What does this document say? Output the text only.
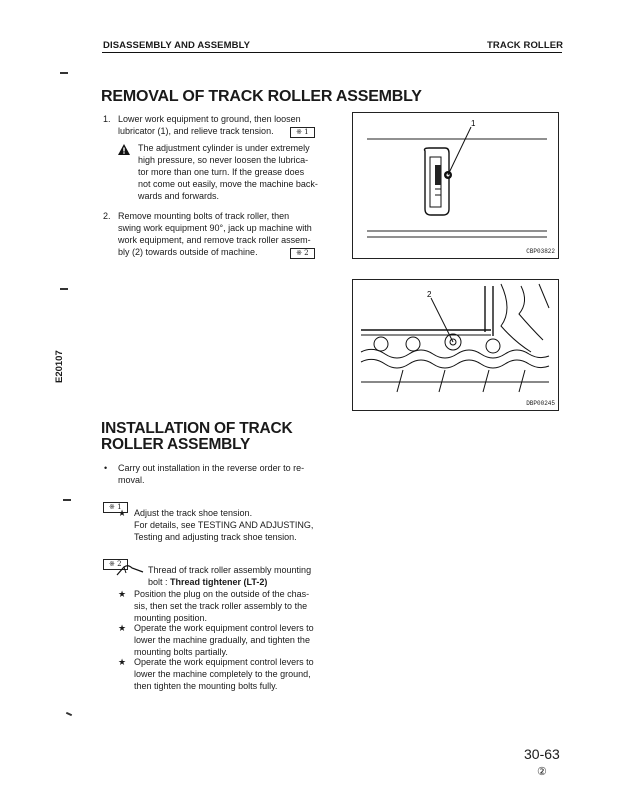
DISASSEMBLY AND ASSEMBLY	TRACK ROLLER
E20107
REMOVAL OF TRACK ROLLER ASSEMBLY
1. Lower work equipment to ground, then loosen
lubricator (1), and relieve track tension.	※ 1
The adjustment cylinder is under extremely
high pressure, so never loosen the lubrica-
tor more than one turn. If the grease does
not come out easily, move the machine back-
wards and forwards.
2. Remove mounting bolts of track roller, then
swing work equipment 90°, jack up machine with
work equipment, and remove track roller assem-
bly (2) towards outside of machine.	※ 2
1
CBP03822
2
DBP00245
INSTALLATION OF TRACK
ROLLER ASSEMBLY
• Carry out installation in the reverse order to re-
moval.
※ 1
★ Adjust the track shoe tension.
For details, see TESTING AND ADJUSTING,
Testing and adjusting track shoe tension.
※ 2
Thread of track roller assembly mounting
bolt : Thread tightener (LT-2)
★ Position the plug on the outside of the chas-
sis, then set the track roller assembly to the
mounting position.
★ Operate the work equipment control levers to
lower the machine gradually, and tighten the
mounting bolts partially.
★ Operate the work equipment control levers to
lower the machine completely to the ground,
then tighten the mounting bolts fully.
30-63
②
